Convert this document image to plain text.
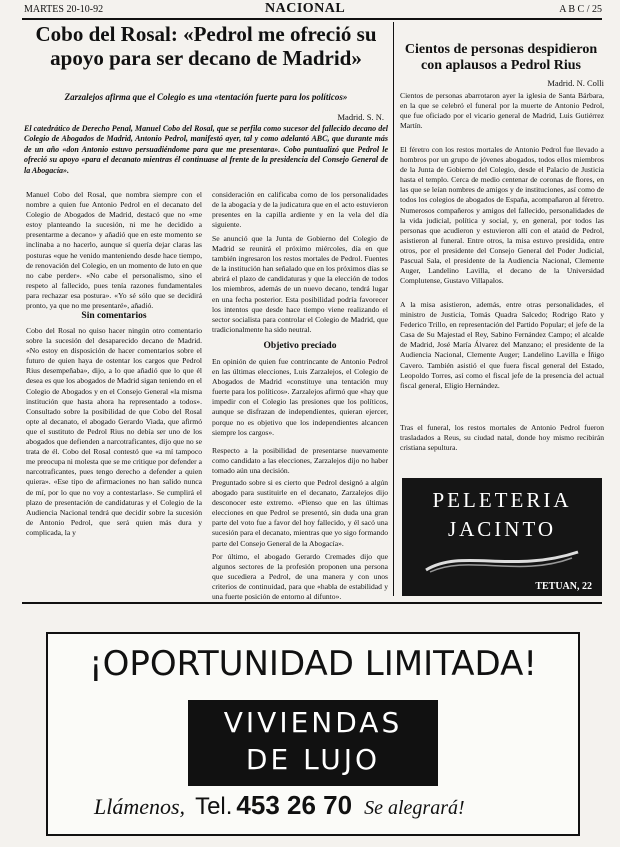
MARTES 20-10-92	NACIONAL	A B C / 25
Cobo del Rosal: «Pedrol me ofreció su apoyo para ser decano de Madrid»
Zarzalejos afirma que el Colegio es una «tentación fuerte para los políticos»
Madrid. S. N.
El catedrático de Derecho Penal, Manuel Cobo del Rosal, que se perfila como sucesor del fallecido decano del Colegio de Abogados de Madrid, Antonio Pedrol, manifestó ayer, tal y como adelantó ABC, que durante más de un año «don Antonio estuvo persuadiéndome para que me presentara». Cobo puntualizó que Pedrol le ofreció su apoyo «para el decanato mientras él continuase al frente de la presidencia del Consejo General de la Abogacía».
Manuel Cobo del Rosal, que nombra siempre con el nombre a quien fue Antonio Pedrol en el decanato del Colegio de Abogados de Madrid, destacó que no «me estoy planteando la sucesión, ni me he decidido a presentarme a decano» y añadió que en este momento se inclinaba a no hacerlo, aunque sí quería dejar claras las posturas «que he venido manteniendo desde hace tiempo, de renovación del Colegio, en un momento de luto en que no cabe perder». «No cabe el personalismo, sino el respeto al fallecido, pues tenía razones fundamentales para rechazar esa postura». «Yo sé sólo que se decidirá pronto, ya que no me presentaré», añadió.
Sin comentarios
Cobo del Rosal no quiso hacer ningún otro comentario sobre la sucesión del desaparecido decano de Madrid. «No estoy en disposición de hacer comentarios sobre el futuro de quien haya de ostentar los cargos que Pedrol Rius desempeñaba», dijo, a lo que añadió que lo que él desea es que los abogados de Madrid sigan teniendo en el Colegio de Abogados y en el Consejo General «la misma institución que hasta ahora ha representado a todos». Consultado sobre la posibilidad de que Cobo del Rosal opte al decanato, el abogado Gerardo Viada, que afirmó que el sustituto de Pedrol Rius no debía ser uno de los abogados que defienden a narcotraficantes, dijo que no se trata de él. Cobo del Rosal contestó que «a mí tampoco me preocupa ni molesta que se me critique por defender a narcotraficantes, pues tengo derecho a defender a quien quiera». «Ese tipo de afirmaciones no han salido nunca de mí, por lo que no voy a contestarlas». Se cumplirá el plazo de presentación de candidaturas y el Colegio de la Audiencia Nacional tendrá que decidir sobre la sucesión de Antonio Pedrol, que será quien más dura y complicada, la y
consideración en calificaba como de los personalidades de la abogacía y de la judicatura que en el acto estuvieron presentes en la capilla ardiente y en la vela del día siguiente.
Se anunció que la Junta de Gobierno del Colegio de Madrid se reunirá el próximo miércoles, día en que también ingresaron los restos mortales de Pedrol. Fuentes de la institución han señalado que en los próximos días se abrirá el plazo de candidaturas y que la elección de todos los miembros, además de un nuevo decano, tendrá lugar en una fecha posterior. Esta posibilidad podría favorecer los intentos que desde hace tiempo viene realizando el sector socialista para controlar el Colegio de Madrid, que tradicionalmente ha sido neutral.
Objetivo preciado
En opinión de quien fue contrincante de Antonio Pedrol en las últimas elecciones, Luis Zarzalejos, el Colegio de Abogados de Madrid «constituye una tentación muy fuerte para los políticos». Zarzalejos afirmó que «hay que impedir con el Colegio las presiones que los políticos, aunque se disfrazan de independientes, quieran ejercer, porque no es objetivo que los independientes alcancen siempre los cargos».
Respecto a la posibilidad de presentarse nuevamente como candidato a las elecciones, Zarzalejos dijo no haber tomado aún una decisión.
Preguntado sobre si es cierto que Pedrol designó a algún abogado para sustituirle en el decanato, Zarzalejos dijo desconocer este extremo. «Pienso que en las últimas elecciones en que Pedrol se presentó, sin duda una gran parte del voto fue a favor del hoy fallecido, y él sacó una sucesión para el decanato, mientras que yo sigo formando parte del Consejo General de la Abogacía».
Por último, el abogado Gerardo Cremades dijo que algunos sectores de la profesión proponen una persona que sucediera a Pedrol, de una manera y con unos criterios de continuidad, para que «habla de estabilidad y una fuerte posición de entorno al difunto».
Cientos de personas despidieron con aplausos a Pedrol Rius
Madrid. N. Colli
Cientos de personas abarrotaron ayer la iglesia de Santa Bárbara, en la que se celebró el funeral por la muerte de Antonio Pedrol, que fue oficiado por el vicario general de Madrid, Luis Gutiérrez Martín.
El féretro con los restos mortales de Antonio Pedrol fue llevado a hombros por un grupo de jóvenes abogados, todos ellos miembros de la Junta de Gobierno del Colegio, desde el Palacio de Justicia hasta el templo. Cerca de medio centenar de coronas de flores, en las que se leían nombres de amigos y de instituciones, así como de todos los colegios de abogados de España, acompañaron al féretro. Numerosos compañeros y amigos del fallecido, personalidades de la vida judicial, política y social, y, en general, por todos las personas que acudieron y estuvieron allí con el ataúd de Pedrol, asistieron al funeral. Entre otros, la misa estuvo presidida, entre otros, por el presidente del Consejo General del Poder Judicial, Pascual Sala, el presidente de la Audiencia Nacional, Clemente Auger, Landelino Lavilla, el decano de la Universidad Complutense, Gustavo Villapalos.
A la misa asistieron, además, entre otras personalidades, el ministro de Justicia, Tomás Quadra Salcedo; Rodrigo Rato y Federico Trillo, en representación del Partido Popular; el jefe de la Casa de Su Majestad el Rey, Sabino Fernández Campo; el alcalde de Madrid, José María Álvarez del Manzano; el presidente de la Audiencia Nacional, Clemente Auger; Landelino Lavilla e Íñigo Cavero. También asistió el que fuera fiscal general del Estado, Leopoldo Torres, así como el fiscal jefe de la presencia del actual fiscal general, Eligio Hernández.
Tras el funeral, los restos mortales de Antonio Pedrol fueron trasladados a Reus, su ciudad natal, donde hoy mismo recibirán cristiana sepultura.
PELETERIA
JACINTO
TETUAN, 22
¡OPORTUNIDAD LIMITADA!
VIVIENDAS
DE LUJO
Llámenos, Tel. 453 26 70 Se alegrará!
